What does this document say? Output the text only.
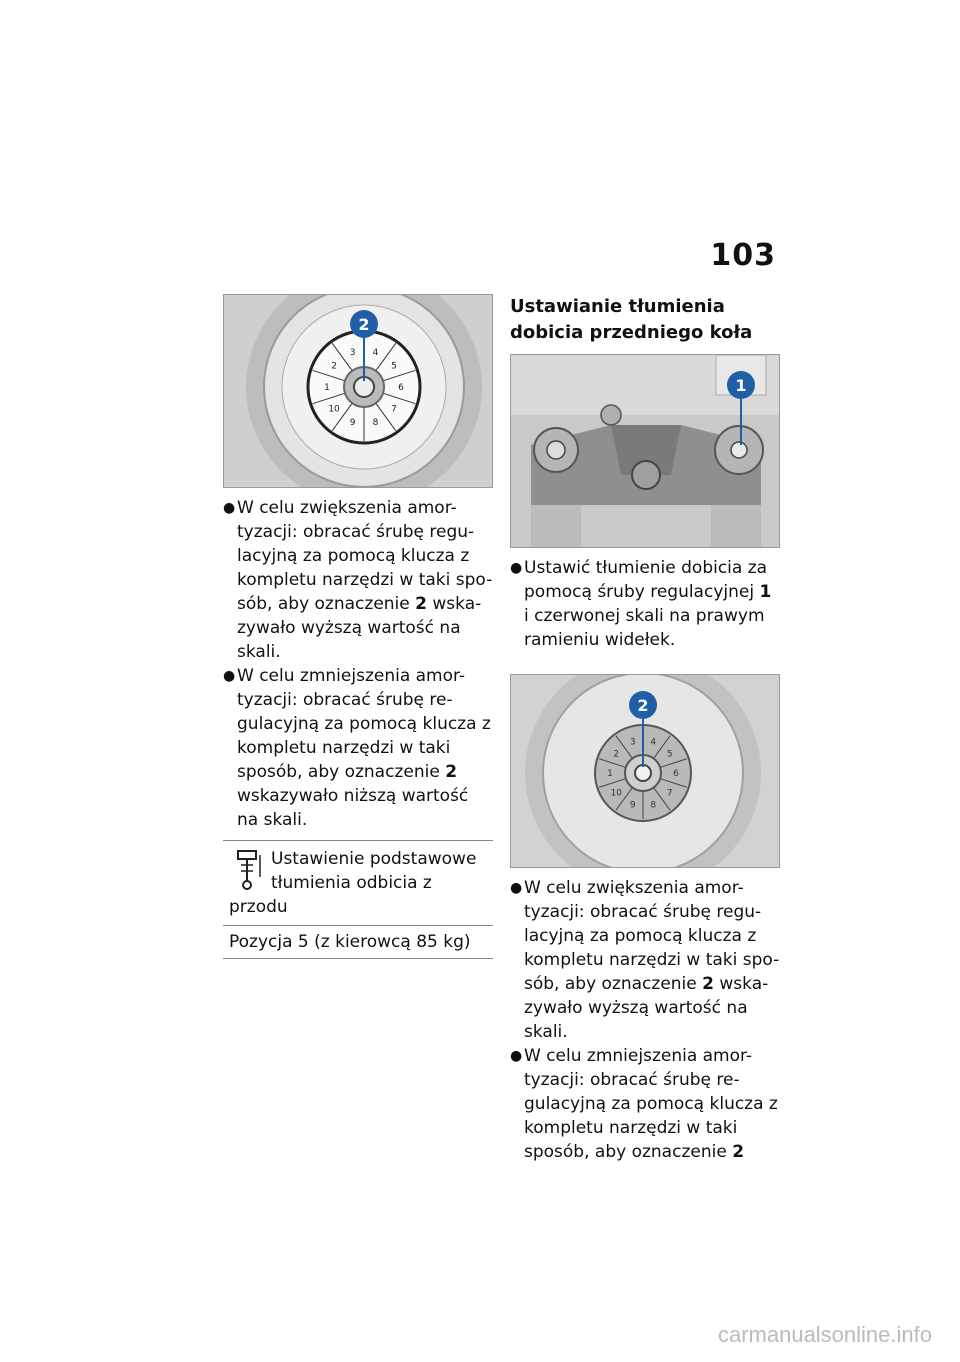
103
4
5
6
7
8
9
10
1
2
3
2
● W celu zwiększenia amor-tyzacji: obracać śrubę regu-lacyjną za pomocą klucza z kompletu narzędzi w taki spo-sób, aby oznaczenie 2 wska-zywało wyższą wartość na skali.
● W celu zmniejszenia amor-tyzacji: obracać śrubę re-gulacyjną za pomocą klucza z kompletu narzędzi w taki sposób, aby oznaczenie 2 wskazywało niższą wartość na skali.
Ustawienie podstawowe tłumienia odbicia z przodu
Pozycja 5 (z kierowcą 85 kg)
Ustawianie tłumienia dobicia przedniego koła
1
● Ustawić tłumienie dobicia za pomocą śruby regulacyjnej 1 i czerwonej skali na prawym ramieniu widełek.
4
5
6
7
8
9
10
1
2
3
2
● W celu zwiększenia amor-tyzacji: obracać śrubę regu-lacyjną za pomocą klucza z kompletu narzędzi w taki spo-sób, aby oznaczenie 2 wska-zywało wyższą wartość na skali.
● W celu zmniejszenia amor-tyzacji: obracać śrubę re-gulacyjną za pomocą klucza z kompletu narzędzi w taki sposób, aby oznaczenie 2
carmanualsonline.info
